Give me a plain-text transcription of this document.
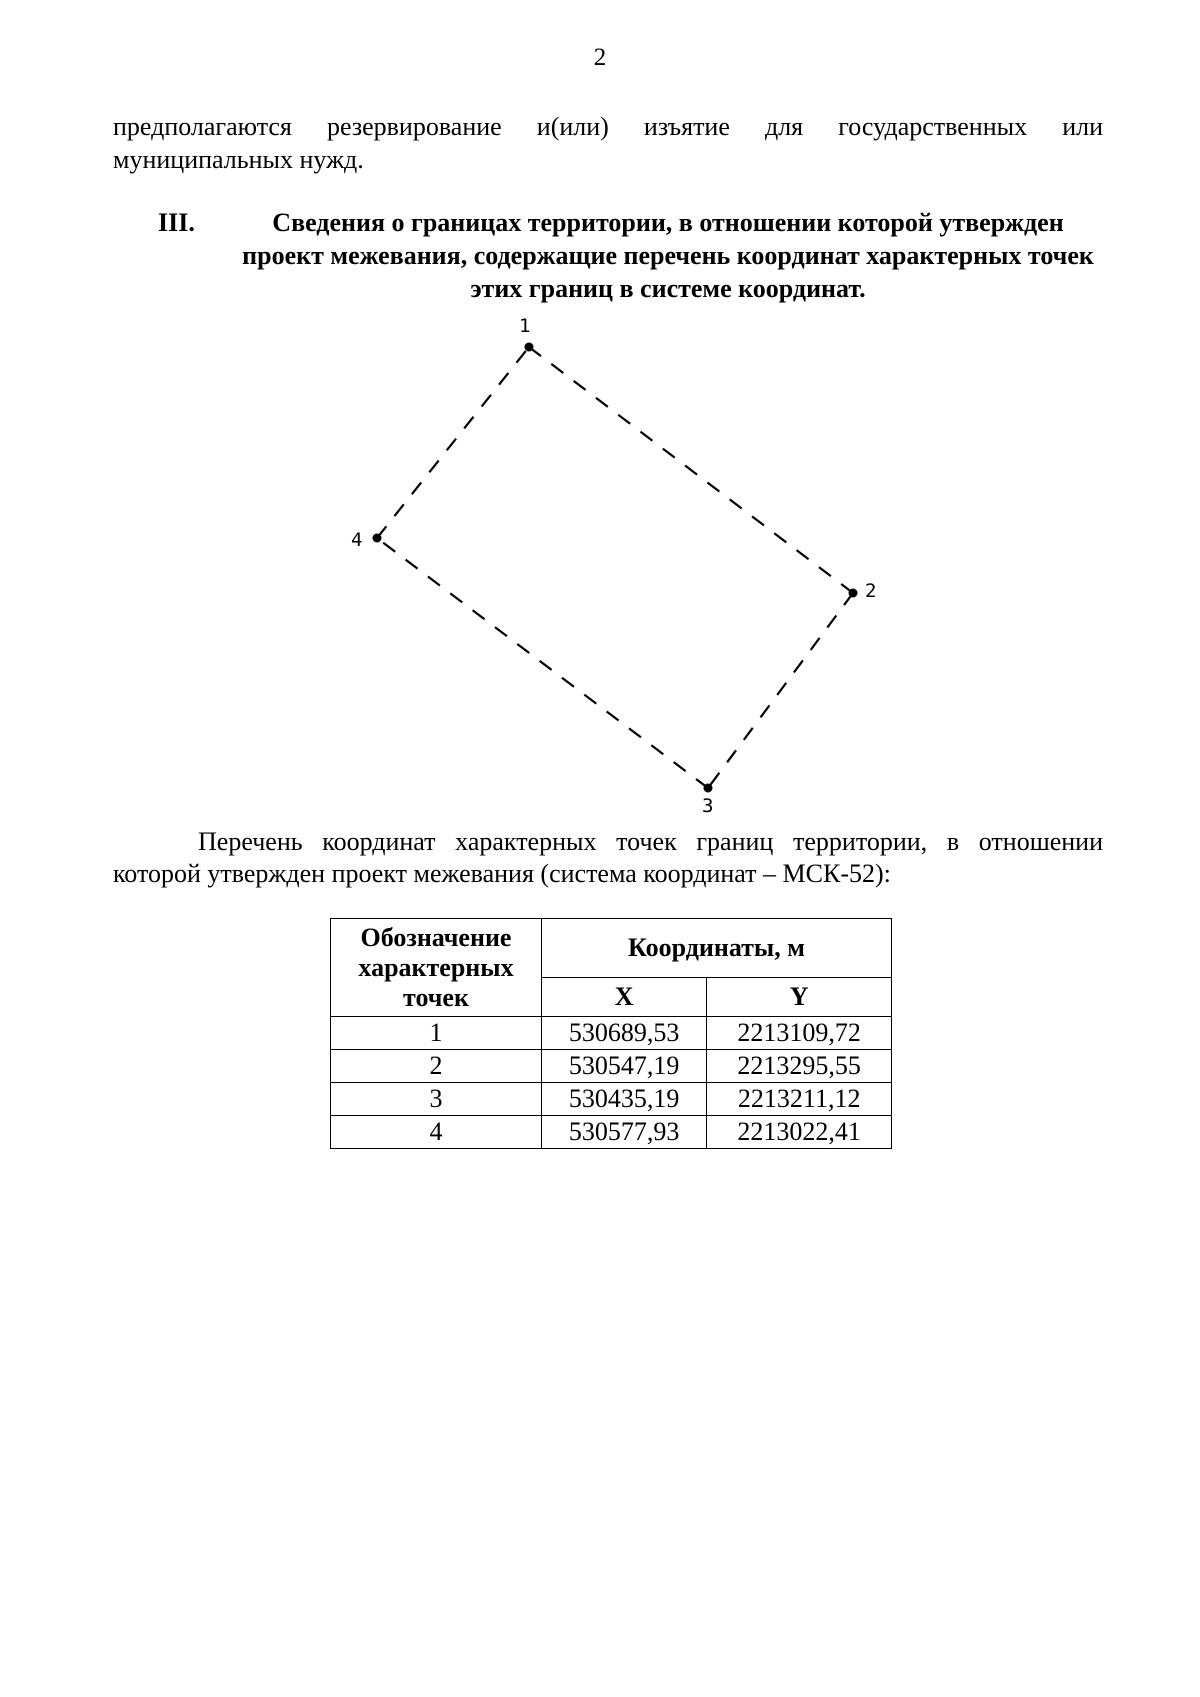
2
предполагаются резервирование и(или) изъятие для государственных или муниципальных нужд.
III.	Сведения о границах территории, в отношении которой утвержден проект межевания, содержащие перечень координат характерных точек этих границ в системе координат.
1
2
3
4
Перечень координат характерных точек границ территории, в отношении которой утвержден проект межевания (система координат – МСК-52):
Обозначение характерных точек	Координаты, м	
	X	Y
1	530689,53	2213109,72
2	530547,19	2213295,55
3	530435,19	2213211,12
4	530577,93	2213022,41
